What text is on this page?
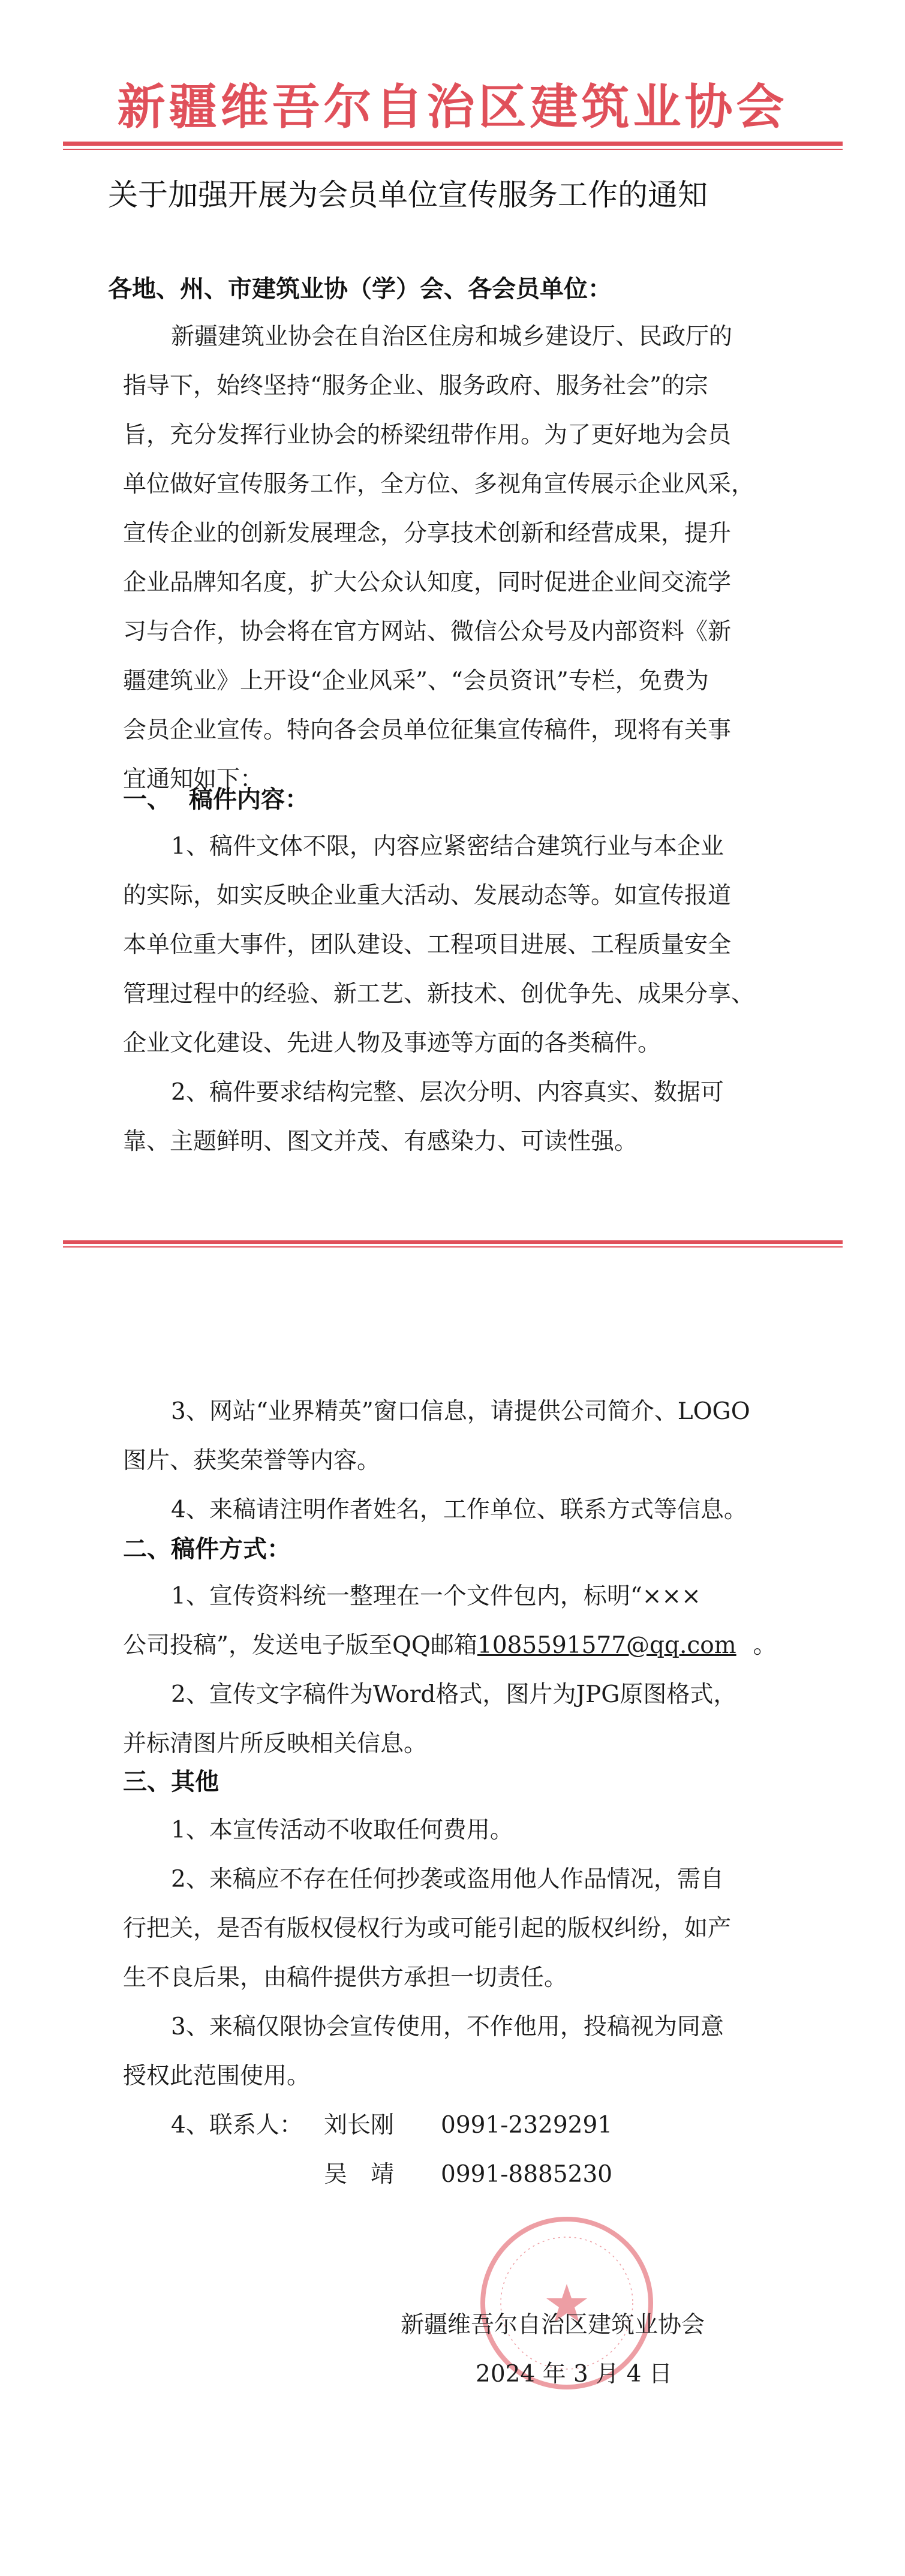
新疆维吾尔自治区建筑业协会
关于加强开展为会员单位宣传服务工作的通知
各地、州、市建筑业协（学）会、各会员单位：
新疆建筑业协会在自治区住房和城乡建设厅、民政厅的
指导下，始终坚持“服务企业、服务政府、服务社会”的宗
旨，充分发挥行业协会的桥梁纽带作用。为了更好地为会员
单位做好宣传服务工作，全方位、多视角宣传展示企业风采，
宣传企业的创新发展理念，分享技术创新和经营成果，提升
企业品牌知名度，扩大公众认知度，同时促进企业间交流学
习与合作，协会将在官方网站、微信公众号及内部资料《新
疆建筑业》上开设“企业风采”、“会员资讯”专栏，免费为
会员企业宣传。特向各会员单位征集宣传稿件，现将有关事
宜通知如下：
一、 稿件内容：
1、稿件文体不限，内容应紧密结合建筑行业与本企业
的实际，如实反映企业重大活动、发展动态等。如宣传报道
本单位重大事件，团队建设、工程项目进展、工程质量安全
管理过程中的经验、新工艺、新技术、创优争先、成果分享、
企业文化建设、先进人物及事迹等方面的各类稿件。
2、稿件要求结构完整、层次分明、内容真实、数据可
靠、主题鲜明、图文并茂、有感染力、可读性强。
3、网站“业界精英”窗口信息，请提供公司简介、LOGO
图片、获奖荣誉等内容。
4、来稿请注明作者姓名，工作单位、联系方式等信息。
二、稿件方式：
1、宣传资料统一整理在一个文件包内，标明“×××
公司投稿”，发送电子版至QQ邮箱1085591577@qq.com 。
2、宣传文字稿件为Word格式，图片为JPG原图格式，
并标清图片所反映相关信息。
三、其他
1、本宣传活动不收取任何费用。
2、来稿应不存在任何抄袭或盗用他人作品情况，需自
行把关，是否有版权侵权行为或可能引起的版权纠纷，如产
生不良后果，由稿件提供方承担一切责任。
3、来稿仅限协会宣传使用，不作他用，投稿视为同意
授权此范围使用。
4、联系人： 刘长刚 0991-2329291
吴　靖 0991-8885230
新疆维吾尔自治区建筑业协会
2024 年 3 月 4 日
